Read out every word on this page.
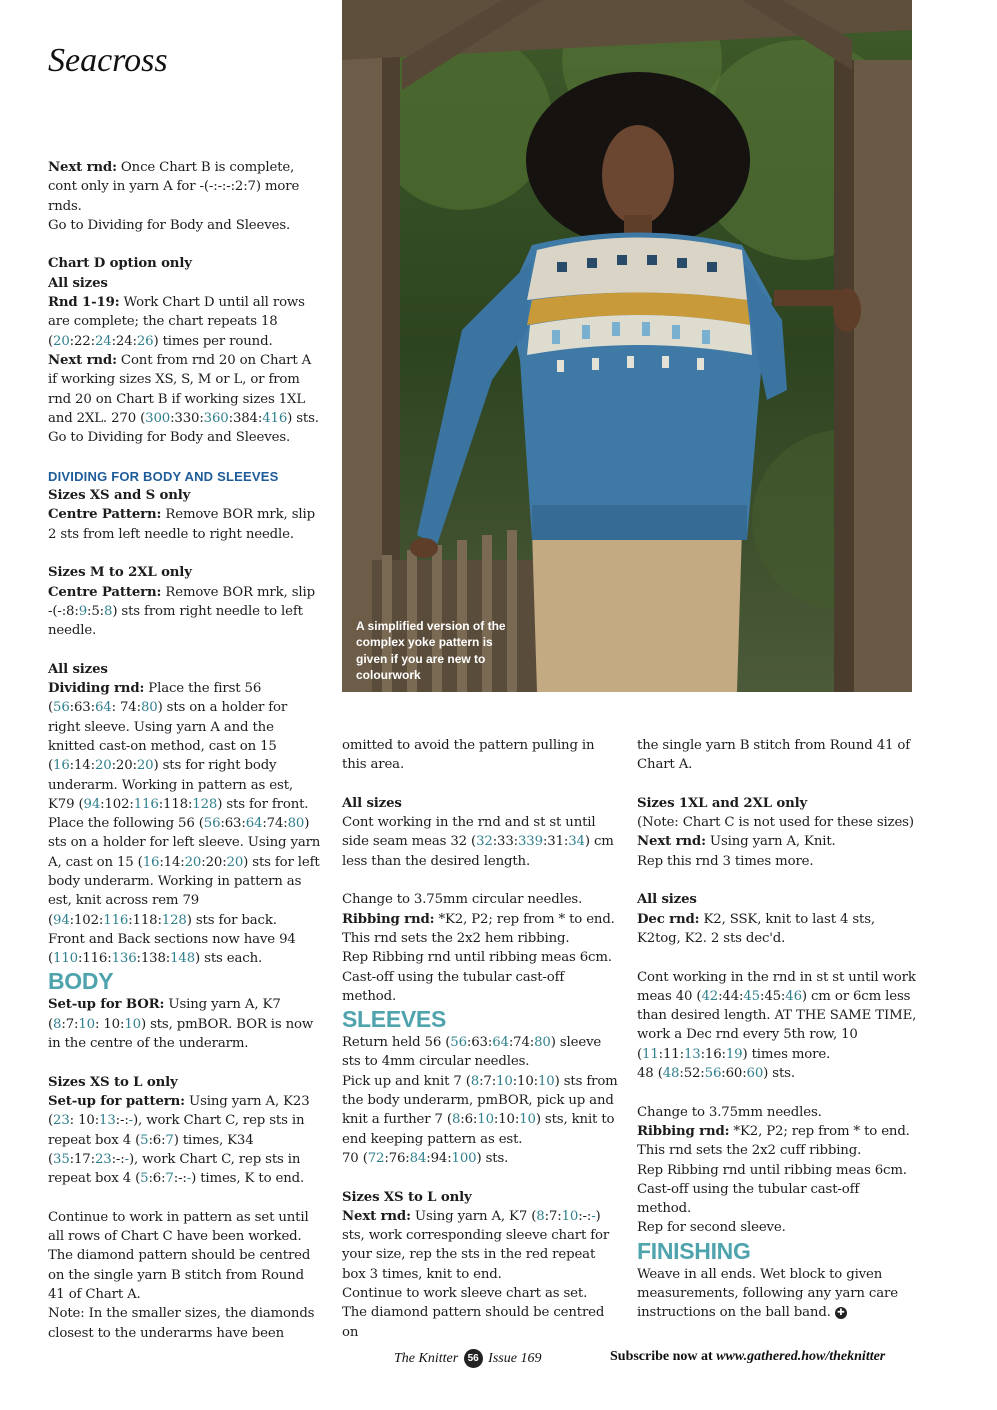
Seacross
A simplified version of the complex yoke pattern is given if you are new to colourwork

Next rnd: Once Chart B is complete, cont only in yarn A for -(-:-:-:2:7) more rnds.

Go to Dividing for Body and Sleeves.

Chart D option only

All sizes

Rnd 1-19: Work Chart D until all rows are complete; the chart repeats 18 (20:22:24:24:26) times per round.

Next rnd: Cont from rnd 20 on Chart A if working sizes XS, S, M or L, or from rnd 20 on Chart B if working sizes 1XL and 2XL. 270 (300:330:360:384:416) sts.

Go to Dividing for Body and Sleeves.

DIVIDING FOR BODY AND SLEEVES

Sizes XS and S only

Centre Pattern: Remove BOR mrk, slip 2 sts from left needle to right needle.

Sizes M to 2XL only

Centre Pattern: Remove BOR mrk, slip -(-:8:9:5:8) sts from right needle to left needle.

All sizes

Dividing rnd: Place the first 56 (56:63:64: 74:80) sts on a holder for right sleeve. Using yarn A and the knitted cast-on method, cast on 15 (16:14:20:20:20) sts for right body underarm. Working in pattern as est, K79 (94:102:116:118:128) sts for front. Place the following 56 (56:63:64:74:80) sts on a holder for left sleeve. Using yarn A, cast on 15 (16:14:20:20:20) sts for left body underarm. Working in pattern as est, knit across rem 79 (94:102:116:118:128) sts for back.

Front and Back sections now have 94 (110:116:136:138:148) sts each.

BODY

Set-up for BOR: Using yarn A, K7 (8:7:10: 10:10) sts, pmBOR. BOR is now in the centre of the underarm.

Sizes XS to L only

Set-up for pattern: Using yarn A, K23 (23: 10:13:-:-), work Chart C, rep sts in repeat box 4 (5:6:7) times, K34 (35:17:23:-:-), work Chart C, rep sts in repeat box 4 (5:6:7:-:-) times, K to end.

Continue to work in pattern as set until all rows of Chart C have been worked. The diamond pattern should be centred on the single yarn B stitch from Round 41 of Chart A.

Note: In the smaller sizes, the diamonds closest to the underarms have been

omitted to avoid the pattern pulling in this area.

All sizes

Cont working in the rnd and st st until side seam meas 32 (32:33:339:31:34) cm less than the desired length.

Change to 3.75mm circular needles.

Ribbing rnd: *K2, P2; rep from * to end.

This rnd sets the 2x2 hem ribbing.

Rep Ribbing rnd until ribbing meas 6cm.

Cast-off using the tubular cast-off method.

SLEEVES

Return held 56 (56:63:64:74:80) sleeve sts to 4mm circular needles.

Pick up and knit 7 (8:7:10:10:10) sts from the body underarm, pmBOR, pick up and knit a further 7 (8:6:10:10:10) sts, knit to end keeping pattern as est.

70 (72:76:84:94:100) sts.

Sizes XS to L only

Next rnd: Using yarn A, K7 (8:7:10:-:-) sts, work corresponding sleeve chart for your size, rep the sts in the red repeat box 3 times, knit to end.

Continue to work sleeve chart as set.

The diamond pattern should be centred on

the single yarn B stitch from Round 41 of Chart A.

Sizes 1XL and 2XL only

(Note: Chart C is not used for these sizes)

Next rnd: Using yarn A, Knit.

Rep this rnd 3 times more.

All sizes

Dec rnd: K2, SSK, knit to last 4 sts, K2tog, K2. 2 sts dec'd.

Cont working in the rnd in st st until work meas 40 (42:44:45:45:46) cm or 6cm less than desired length. AT THE SAME TIME, work a Dec rnd every 5th row, 10 (11:11:13:16:19) times more.

48 (48:52:56:60:60) sts.

Change to 3.75mm needles.

Ribbing rnd: *K2, P2; rep from * to end.

This rnd sets the 2x2 cuff ribbing.

Rep Ribbing rnd until ribbing meas 6cm.

Cast-off using the tubular cast-off method.

Rep for second sleeve.

FINISHING

Weave in all ends. Wet block to given measurements, following any yarn care instructions on the ball band. ✚

The Knitter 56 Issue 169	Subscribe now at www.gathered.how/theknitter
